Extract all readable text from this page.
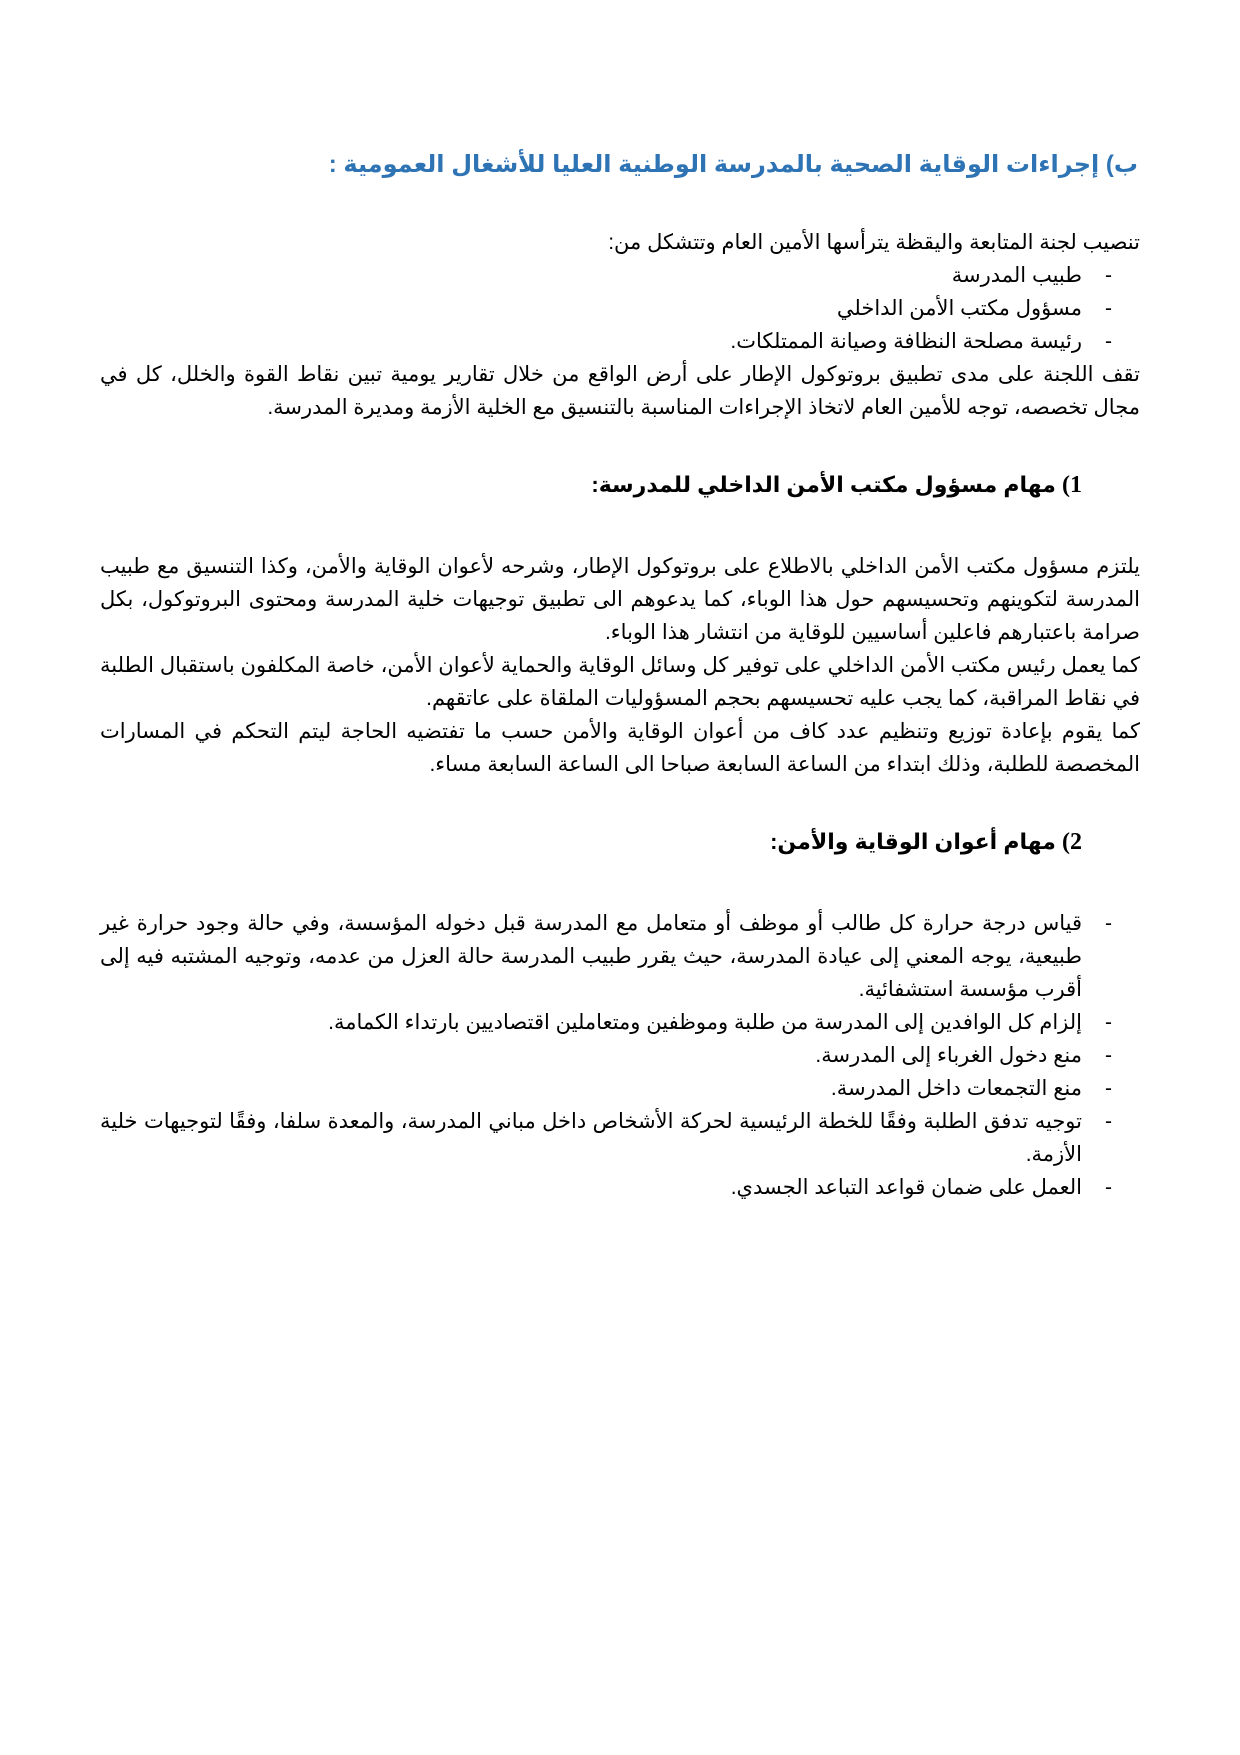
ب) إجراءات الوقاية الصحية بالمدرسة الوطنية العليا للأشغال العمومية :

تنصيب لجنة المتابعة واليقظة يترأسها الأمين العام وتتشكل من:

-
طبيب المدرسة
-
مسؤول مكتب الأمن الداخلي
-
رئيسة مصلحة النظافة وصيانة الممتلكات.

تقف اللجنة على مدى تطبيق بروتوكول الإطار على أرض الواقع من خلال تقارير يومية تبين نقاط القوة والخلل، كل في مجال تخصصه، توجه للأمين العام لاتخاذ الإجراءات المناسبة بالتنسيق مع الخلية الأزمة ومديرة المدرسة.

1) مهام مسؤول مكتب الأمن الداخلي للمدرسة:

يلتزم مسؤول مكتب الأمن الداخلي بالاطلاع على بروتوكول الإطار، وشرحه لأعوان الوقاية والأمن، وكذا التنسيق مع طبيب المدرسة لتكوينهم وتحسيسهم حول هذا الوباء، كما يدعوهم الى تطبيق توجيهات خلية المدرسة ومحتوى البروتوكول، بكل صرامة باعتبارهم فاعلين أساسيين للوقاية من انتشار هذا الوباء.

كما يعمل رئيس مكتب الأمن الداخلي على توفير كل وسائل الوقاية والحماية لأعوان الأمن، خاصة المكلفون باستقبال الطلبة في نقاط المراقبة، كما يجب عليه تحسيسهم بحجم المسؤوليات الملقاة على عاتقهم.

كما يقوم بإعادة توزيع وتنظيم عدد كاف من أعوان الوقاية والأمن حسب ما تفتضيه الحاجة ليتم التحكم في المسارات المخصصة للطلبة، وذلك ابتداء من الساعة السابعة صباحا الى الساعة السابعة مساء.

2) مهام أعوان الوقاية والأمن:
-
قياس درجة حرارة كل طالب أو موظف أو متعامل مع المدرسة قبل دخوله المؤسسة، وفي حالة وجود حرارة غير طبيعية، يوجه المعني إلى عيادة المدرسة، حيث يقرر طبيب المدرسة حالة العزل من عدمه، وتوجيه المشتبه فيه إلى أقرب مؤسسة استشفائية.
-
إلزام كل الوافدين إلى المدرسة من طلبة وموظفين ومتعاملين اقتصاديين بارتداء الكمامة.
-
منع دخول الغرباء إلى المدرسة.
-
منع التجمعات داخل المدرسة.
-
توجيه تدفق الطلبة وفقًا للخطة الرئيسية لحركة الأشخاص داخل مباني المدرسة، والمعدة سلفا، وفقًا لتوجيهات خلية الأزمة.
-
العمل على ضمان قواعد التباعد الجسدي.
